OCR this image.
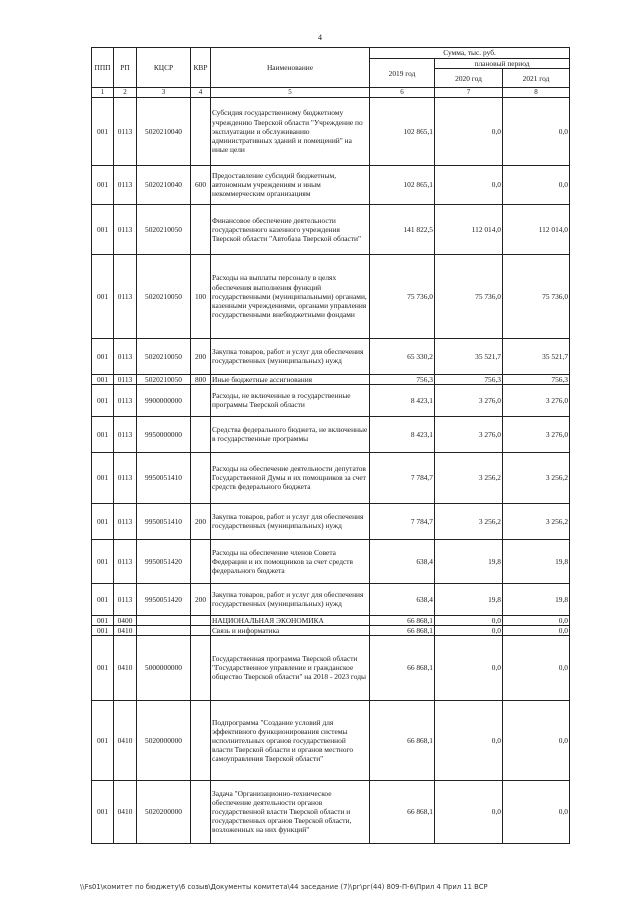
4
ППП	РП	КЦСР	КВР	Наименование	Сумма, тыс. руб.		
					2019 год	плановый период	
						2020 год	2021 год
1	2	3	4	5	6	7	8
001	0113	5020210040		Субсидия государственному бюджетному учреждению Тверской области "Учреждение по эксплуатации и обслуживанию административных зданий и помещений" на иные цели	102 865,1	0,0	0,0
001	0113	5020210040	600	Предоставление субсидий бюджетным, автономным учреждениям и иным некоммерческим организациям	102 865,1	0,0	0,0
001	0113	5020210050		Финансовое обеспечение деятельности государственного казенного учреждения Тверской области "Автобаза Тверской области"	141 822,5	112 014,0	112 014,0
001	0113	5020210050	100	Расходы на выплаты персоналу в целях обеспечения выполнения функций государственными (муниципальными) органами, казенными учреждениями, органами управления государственными внебюджетными фондами	75 736,0	75 736,0	75 736,0
001	0113	5020210050	200	Закупка товаров, работ и услуг для обеспечения государственных (муниципальных) нужд	65 330,2	35 521,7	35 521,7
001	0113	5020210050	800	Иные бюджетные ассигнования	756,3	756,3	756,3
001	0113	9900000000		Расходы, не включенные в государственные программы Тверской области	8 423,1	3 276,0	3 276,0
001	0113	9950000000		Средства федерального бюджета, не включенные в государственные программы	8 423,1	3 276,0	3 276,0
001	0113	9950051410		Расходы на обеспечение деятельности депутатов Государственной Думы и их помощников за счет средств федерального бюджета	7 784,7	3 256,2	3 256,2
001	0113	9950051410	200	Закупка товаров, работ и услуг для обеспечения государственных (муниципальных) нужд	7 784,7	3 256,2	3 256,2
001	0113	9950051420		Расходы на обеспечение членов Совета Федерации и их помощников за счет средств федерального бюджета	638,4	19,8	19,8
001	0113	9950051420	200	Закупка товаров, работ и услуг для обеспечения государственных (муниципальных) нужд	638,4	19,8	19,8
001	0400			НАЦИОНАЛЬНАЯ ЭКОНОМИКА	66 868,1	0,0	0,0
001	0410			Связь и информатика	66 868,1	0,0	0,0
001	0410	5000000000		Государственная программа Тверской области "Государственное управление и гражданское общество Тверской области" на 2018 - 2023 годы	66 868,1	0,0	0,0
001	0410	5020000000		Подпрограмма "Создание условий для эффективного функционирования системы исполнительных органов государственной власти Тверской области и органов местного самоуправления Тверской области"	66 868,1	0,0	0,0
001	0410	5020200000		Задача "Организационно-техническое обеспечение деятельности органов государственной власти Тверской области и государственных органов Тверской области, возложенных на них функций"	66 868,1	0,0	0,0
\\Fs01\комитет по бюджету\6 созыв\Документы комитета\44 заседание (7)\рг\рг(44) 809-П-6\Прил 4 Прил 11 ВСР
